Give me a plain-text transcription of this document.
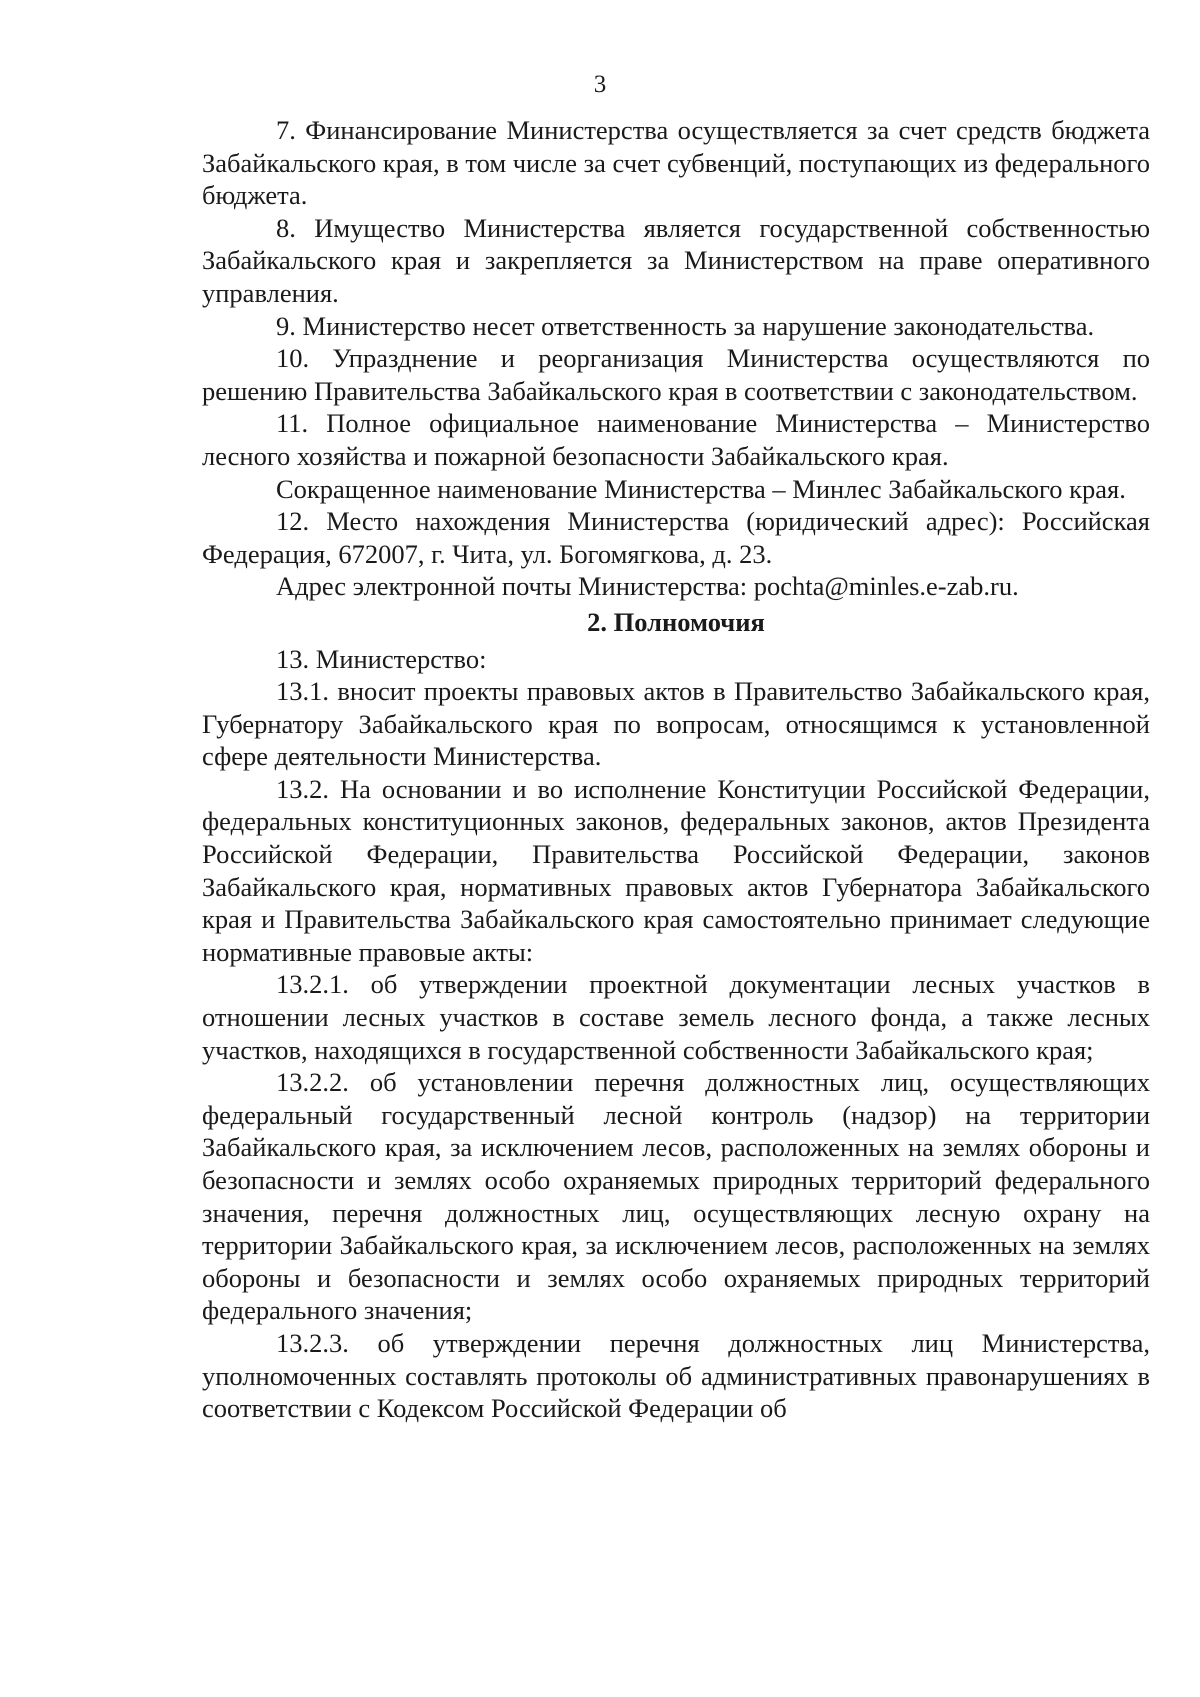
3

7. Финансирование Министерства осуществляется за счет средств бюджета Забайкальского края, в том числе за счет субвенций, поступающих из федерального бюджета.

8. Имущество Министерства является государственной собственностью Забайкальского края и закрепляется за Министерством на праве оперативного управления.

9. Министерство несет ответственность за нарушение законодательства.

10. Упразднение и реорганизация Министерства осуществляются по решению Правительства Забайкальского края в соответствии с законодательством.

11. Полное официальное наименование Министерства – Министерство лесного хозяйства и пожарной безопасности Забайкальского края.

Сокращенное наименование Министерства – Минлес Забайкальского края.

12. Место нахождения Министерства (юридический адрес): Российская Федерация, 672007, г. Чита, ул. Богомягкова, д. 23.

Адрес электронной почты Министерства: pochta@minles.e-zab.ru.

2. Полномочия

13. Министерство:

13.1. вносит проекты правовых актов в Правительство Забайкальского края, Губернатору Забайкальского края по вопросам, относящимся к установленной сфере деятельности Министерства.

13.2. На основании и во исполнение Конституции Российской Федерации, федеральных конституционных законов, федеральных законов, актов Президента Российской Федерации, Правительства Российской Федерации, законов Забайкальского края, нормативных правовых актов Губернатора Забайкальского края и Правительства Забайкальского края самостоятельно принимает следующие нормативные правовые акты:

13.2.1. об утверждении проектной документации лесных участков в отношении лесных участков в составе земель лесного фонда, а также лесных участков, находящихся в государственной собственности Забайкальского края;

13.2.2. об установлении перечня должностных лиц, осуществляющих федеральный государственный лесной контроль (надзор) на территории Забайкальского края, за исключением лесов, расположенных на землях обороны и безопасности и землях особо охраняемых природных территорий федерального значения, перечня должностных лиц, осуществляющих лесную охрану на территории Забайкальского края, за исключением лесов, расположенных на землях обороны и безопасности и землях особо охраняемых природных территорий федерального значения;

13.2.3. об утверждении перечня должностных лиц Министерства, уполномоченных составлять протоколы об административных правонарушениях в соответствии с Кодексом Российской Федерации об
